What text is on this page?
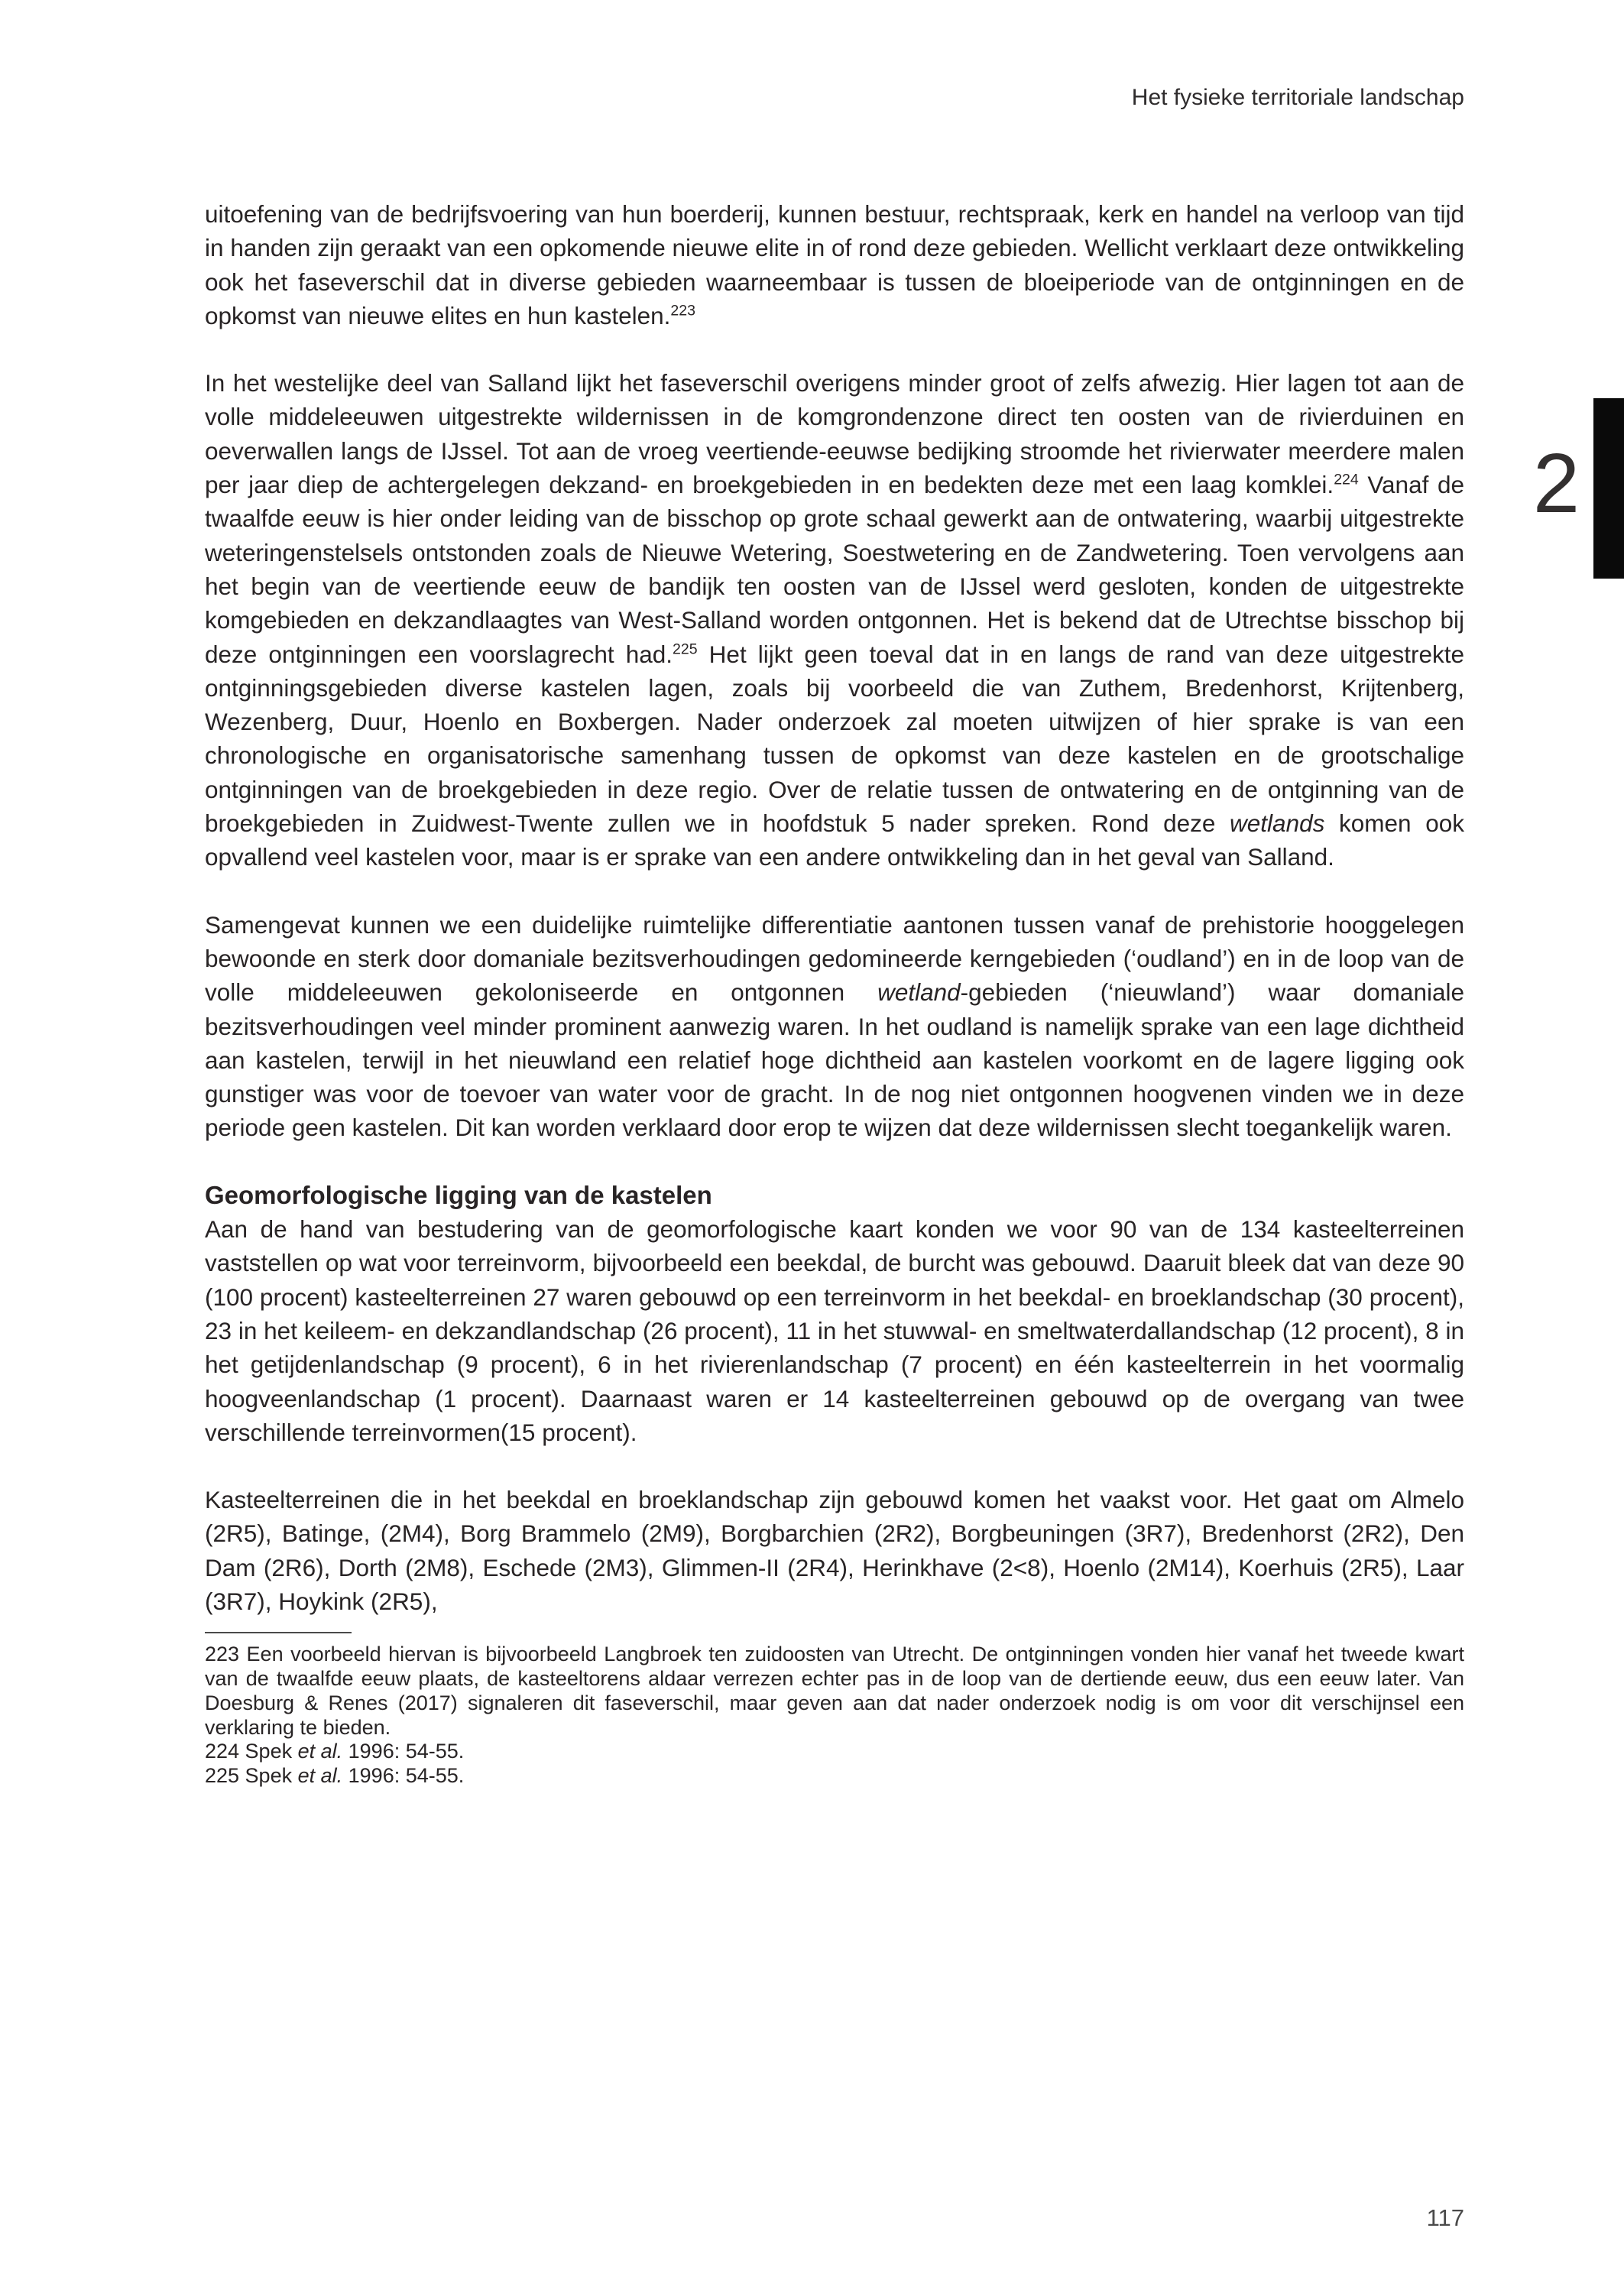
Het fysieke territoriale landschap
2

uitoefening van de bedrijfsvoering van hun boerderij, kunnen bestuur, rechtspraak, kerk en handel na verloop van tijd in handen zijn geraakt van een opkomende nieuwe elite in of rond deze gebieden. Wellicht verklaart deze ontwikkeling ook het faseverschil dat in diverse gebieden waarneembaar is tussen de bloeiperiode van de ontginningen en de opkomst van nieuwe elites en hun kastelen.$^{223}$

In het westelijke deel van Salland lijkt het faseverschil overigens minder groot of zelfs afwezig. Hier lagen tot aan de volle middeleeuwen uitgestrekte wildernissen in de komgrondenzone direct ten oosten van de rivierduinen en oeverwallen langs de IJssel. Tot aan de vroeg veertiende-eeuwse bedijking stroomde het rivierwater meerdere malen per jaar diep de achtergelegen dekzand- en broekgebieden in en bedekten deze met een laag komklei.$^{224}$ Vanaf de twaalfde eeuw is hier onder leiding van de bisschop op grote schaal gewerkt aan de ontwatering, waarbij uitgestrekte weteringenstelsels ontstonden zoals de Nieuwe Wetering, Soestwetering en de Zandwetering. Toen vervolgens aan het begin van de veertiende eeuw de bandijk ten oosten van de IJssel werd gesloten, konden de uitgestrekte komgebieden en dekzandlaagtes van West-Salland worden ontgonnen. Het is bekend dat de Utrechtse bisschop bij deze ontginningen een voorslagrecht had.$^{225}$ Het lijkt geen toeval dat in en langs de rand van deze uitgestrekte ontginningsgebieden diverse kastelen lagen, zoals bij voorbeeld die van Zuthem, Bredenhorst, Krijtenberg, Wezenberg, Duur, Hoenlo en Boxbergen. Nader onderzoek zal moeten uitwijzen of hier sprake is van een chronologische en organisatorische samenhang tussen de opkomst van deze kastelen en de grootschalige ontginningen van de broekgebieden in deze regio. Over de relatie tussen de ontwatering en de ontginning van de broekgebieden in Zuidwest-Twente zullen we in hoofdstuk 5 nader spreken. Rond deze wetlands komen ook opvallend veel kastelen voor, maar is er sprake van een andere ontwikkeling dan in het geval van Salland.

Samengevat kunnen we een duidelijke ruimtelijke differentiatie aantonen tussen vanaf de prehistorie hooggelegen bewoonde en sterk door domaniale bezitsverhoudingen gedomineerde kerngebieden (‘oudland’) en in de loop van de volle middeleeuwen gekoloniseerde en ontgonnen wetland-gebieden (‘nieuwland’) waar domaniale bezitsverhoudingen veel minder prominent aanwezig waren. In het oudland is namelijk sprake van een lage dichtheid aan kastelen, terwijl in het nieuwland een relatief hoge dichtheid aan kastelen voorkomt en de lagere ligging ook gunstiger was voor de toevoer van water voor de gracht. In de nog niet ontgonnen hoogvenen vinden we in deze periode geen kastelen. Dit kan worden verklaard door erop te wijzen dat deze wildernissen slecht toegankelijk waren.

Geomorfologische ligging van de kastelen

Aan de hand van bestudering van de geomorfologische kaart konden we voor 90 van de 134 kasteelterreinen vaststellen op wat voor terreinvorm, bijvoorbeeld een beekdal, de burcht was gebouwd. Daaruit bleek dat van deze 90 (100 procent) kasteelterreinen 27 waren gebouwd op een terreinvorm in het beekdal- en broeklandschap (30 procent), 23 in het keileem- en dekzandlandschap (26 procent), 11 in het stuwwal- en smeltwaterdallandschap (12 procent), 8 in het getijdenlandschap (9 procent), 6 in het rivierenlandschap (7 procent) en één kasteelterrein in het voormalig hoogveenlandschap (1 procent). Daarnaast waren er 14 kasteelterreinen gebouwd op de overgang van twee verschillende terreinvormen(15 procent).

Kasteelterreinen die in het beekdal en broeklandschap zijn gebouwd komen het vaakst voor. Het gaat om Almelo (2R5), Batinge, (2M4), Borg Brammelo (2M9), Borgbarchien (2R2), Borgbeuningen (3R7), Bredenhorst (2R2), Den Dam (2R6), Dorth (2M8), Eschede (2M3), Glimmen-II (2R4), Herinkhave (2<8), Hoenlo (2M14), Koerhuis (2R5), Laar (3R7), Hoykink (2R5),

223 Een voorbeeld hiervan is bijvoorbeeld Langbroek ten zuidoosten van Utrecht. De ontginningen vonden hier vanaf het tweede kwart van de twaalfde eeuw plaats, de kasteeltorens aldaar verrezen echter pas in de loop van de dertiende eeuw, dus een eeuw later. Van Doesburg & Renes (2017) signaleren dit faseverschil, maar geven aan dat nader onderzoek nodig is om voor dit verschijnsel een verklaring te bieden.

224 Spek et al. 1996: 54-55.

225 Spek et al. 1996: 54-55.

117
